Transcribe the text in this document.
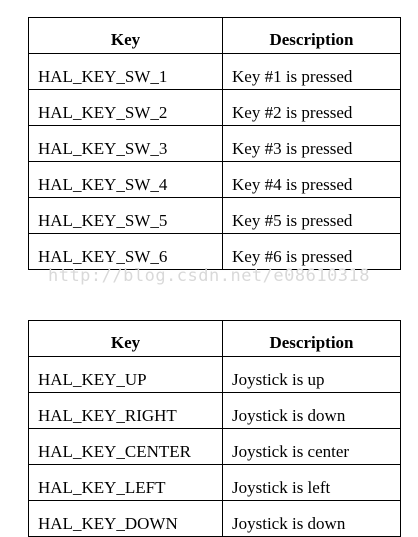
Key	Description
HAL_KEY_SW_1	Key #1 is pressed
HAL_KEY_SW_2	Key #2 is pressed
HAL_KEY_SW_3	Key #3 is pressed
HAL_KEY_SW_4	Key #4 is pressed
HAL_KEY_SW_5	Key #5 is pressed
HAL_KEY_SW_6	Key #6 is pressed
http://blog.csdn.net/e08610318
Key	Description
HAL_KEY_UP	Joystick is up
HAL_KEY_RIGHT	Joystick is down
HAL_KEY_CENTER	Joystick is center
HAL_KEY_LEFT	Joystick is left
HAL_KEY_DOWN	Joystick is down
